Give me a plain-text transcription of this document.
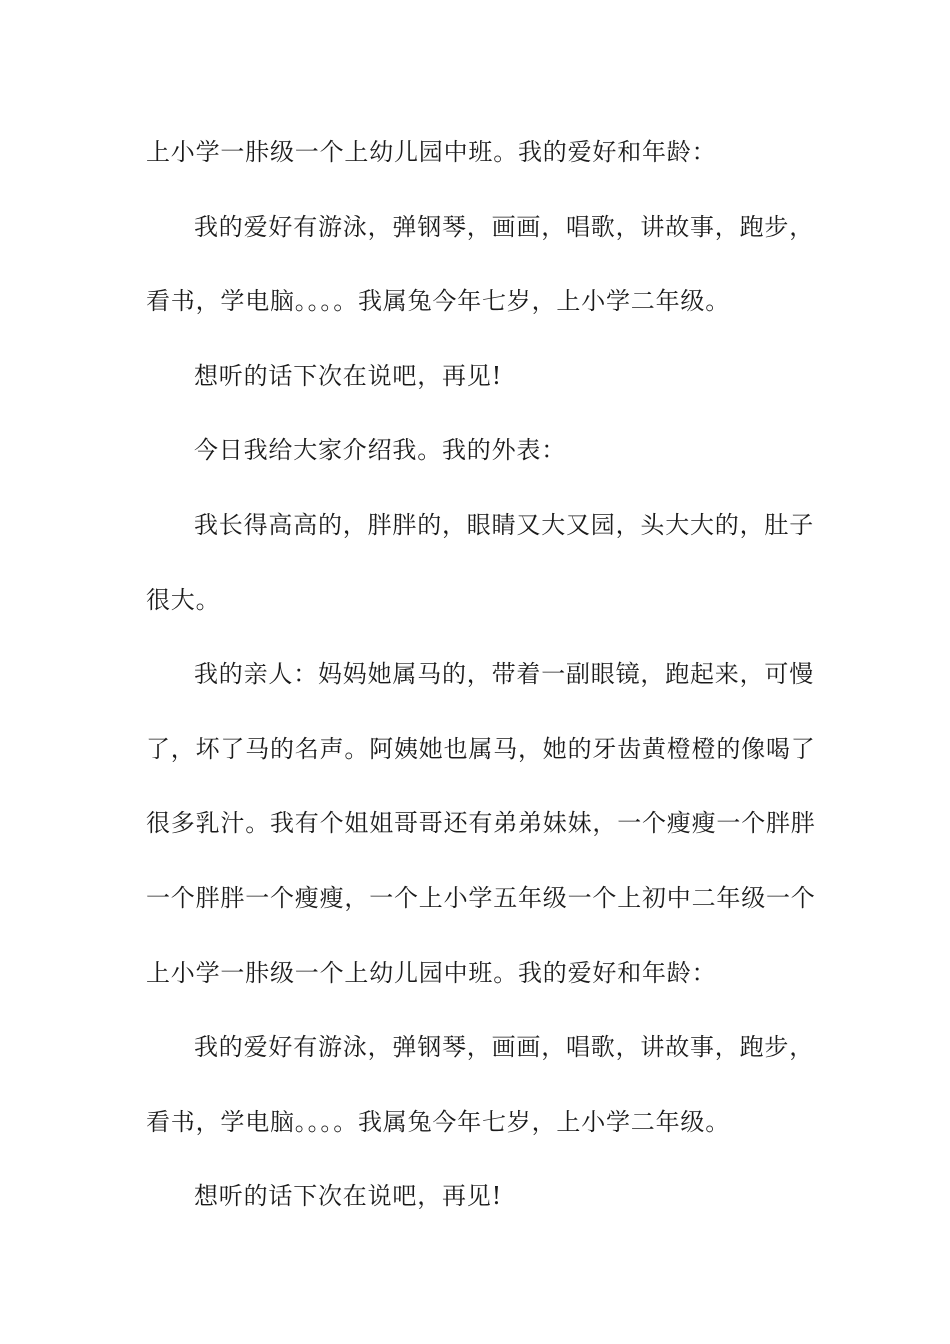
上小学一胩级一个上幼儿园中班。我的爱好和年龄：
我的爱好有游泳，弹钢琴，画画，唱歌，讲故事，跑步，
看书，学电脑。。。。我属兔今年七岁，上小学二年级。
想听的话下次在说吧，再见!
今日我给大家介绍我。我的外表：
我长得高高的，胖胖的，眼睛又大又园，头大大的，肚子
很大。
我的亲人：妈妈她属马的，带着一副眼镜，跑起来，可慢
了，坏了马的名声。阿姨她也属马，她的牙齿黄橙橙的像喝了
很多乳汁。我有个姐姐哥哥还有弟弟妹妹，一个瘦瘦一个胖胖
一个胖胖一个瘦瘦，一个上小学五年级一个上初中二年级一个
上小学一胩级一个上幼儿园中班。我的爱好和年龄：
我的爱好有游泳，弹钢琴，画画，唱歌，讲故事，跑步，
看书，学电脑。。。。我属兔今年七岁，上小学二年级。
想听的话下次在说吧，再见!
